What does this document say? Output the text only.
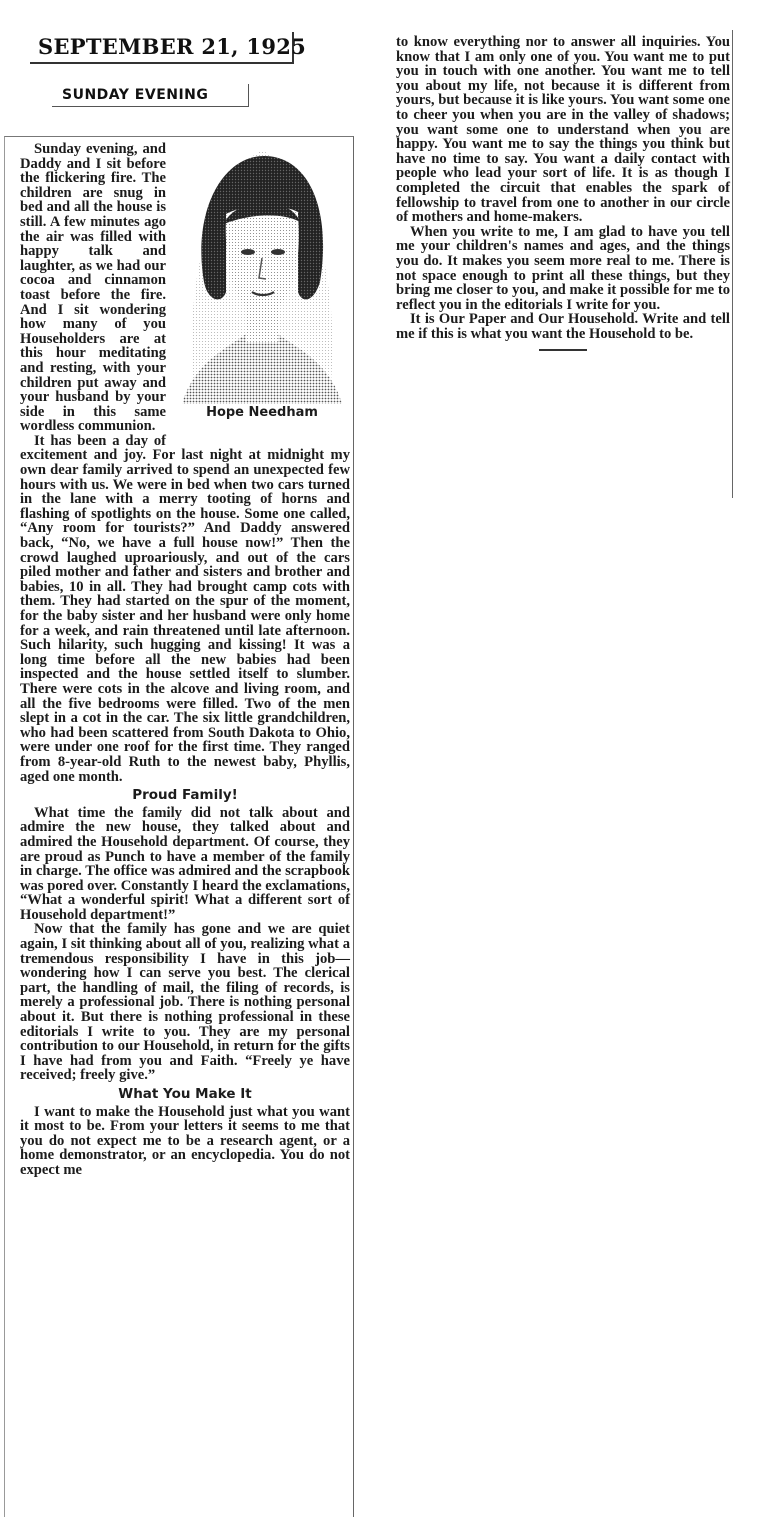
SEPTEMBER 21, 1925
SUNDAY EVENING
Hope Needham

Sunday evening, and Daddy and I sit before the flickering fire. The children are snug in bed and all the house is still. A few minutes ago the air was filled with happy talk and laughter, as we had our cocoa and cinnamon toast before the fire. And I sit wondering how many of you Householders are at this hour meditating and resting, with your children put away and your husband by your side in this same wordless communion.

It has been a day of excitement and joy. For last night at midnight my own dear family arrived to spend an unexpected few hours with us. We were in bed when two cars turned in the lane with a merry tooting of horns and flashing of spotlights on the house. Some one called, “Any room for tourists?” And Daddy answered back, “No, we have a full house now!” Then the crowd laughed uproariously, and out of the cars piled mother and father and sisters and brother and babies, 10 in all. They had brought camp cots with them. They had started on the spur of the moment, for the baby sister and her husband were only home for a week, and rain threatened until late afternoon. Such hilarity, such hugging and kissing! It was a long time before all the new babies had been inspected and the house settled itself to slumber. There were cots in the alcove and living room, and all the five bedrooms were filled. Two of the men slept in a cot in the car. The six little grandchildren, who had been scattered from South Dakota to Ohio, were under one roof for the first time. They ranged from 8-year-old Ruth to the newest baby, Phyllis, aged one month.

Proud Family!

What time the family did not talk about and admire the new house, they talked about and admired the Household department. Of course, they are proud as Punch to have a member of the family in charge. The office was admired and the scrapbook was pored over. Constantly I heard the exclamations, “What a wonderful spirit! What a different sort of Household department!”

Now that the family has gone and we are quiet again, I sit thinking about all of you, realizing what a tremendous responsibility I have in this job—wondering how I can serve you best. The clerical part, the handling of mail, the filing of records, is merely a professional job. There is nothing personal about it. But there is nothing professional in these editorials I write to you. They are my personal contribution to our Household, in return for the gifts I have had from you and Faith. “Freely ye have received; freely give.”

What You Make It

I want to make the Household just what you want it most to be. From your letters it seems to me that you do not expect me to be a research agent, or a home demonstrator, or an encyclopedia. You do not expect me

to know everything nor to answer all inquiries. You know that I am only one of you. You want me to put you in touch with one another. You want me to tell you about my life, not because it is different from yours, but because it is like yours. You want some one to cheer you when you are in the valley of shadows; you want some one to understand when you are happy. You want me to say the things you think but have no time to say. You want a daily contact with people who lead your sort of life. It is as though I completed the circuit that enables the spark of fellowship to travel from one to another in our circle of mothers and home-makers.

When you write to me, I am glad to have you tell me your children's names and ages, and the things you do. It makes you seem more real to me. There is not space enough to print all these things, but they bring me closer to you, and make it possible for me to reflect you in the editorials I write for you.

It is Our Paper and Our Household. Write and tell me if this is what you want the Household to be.
